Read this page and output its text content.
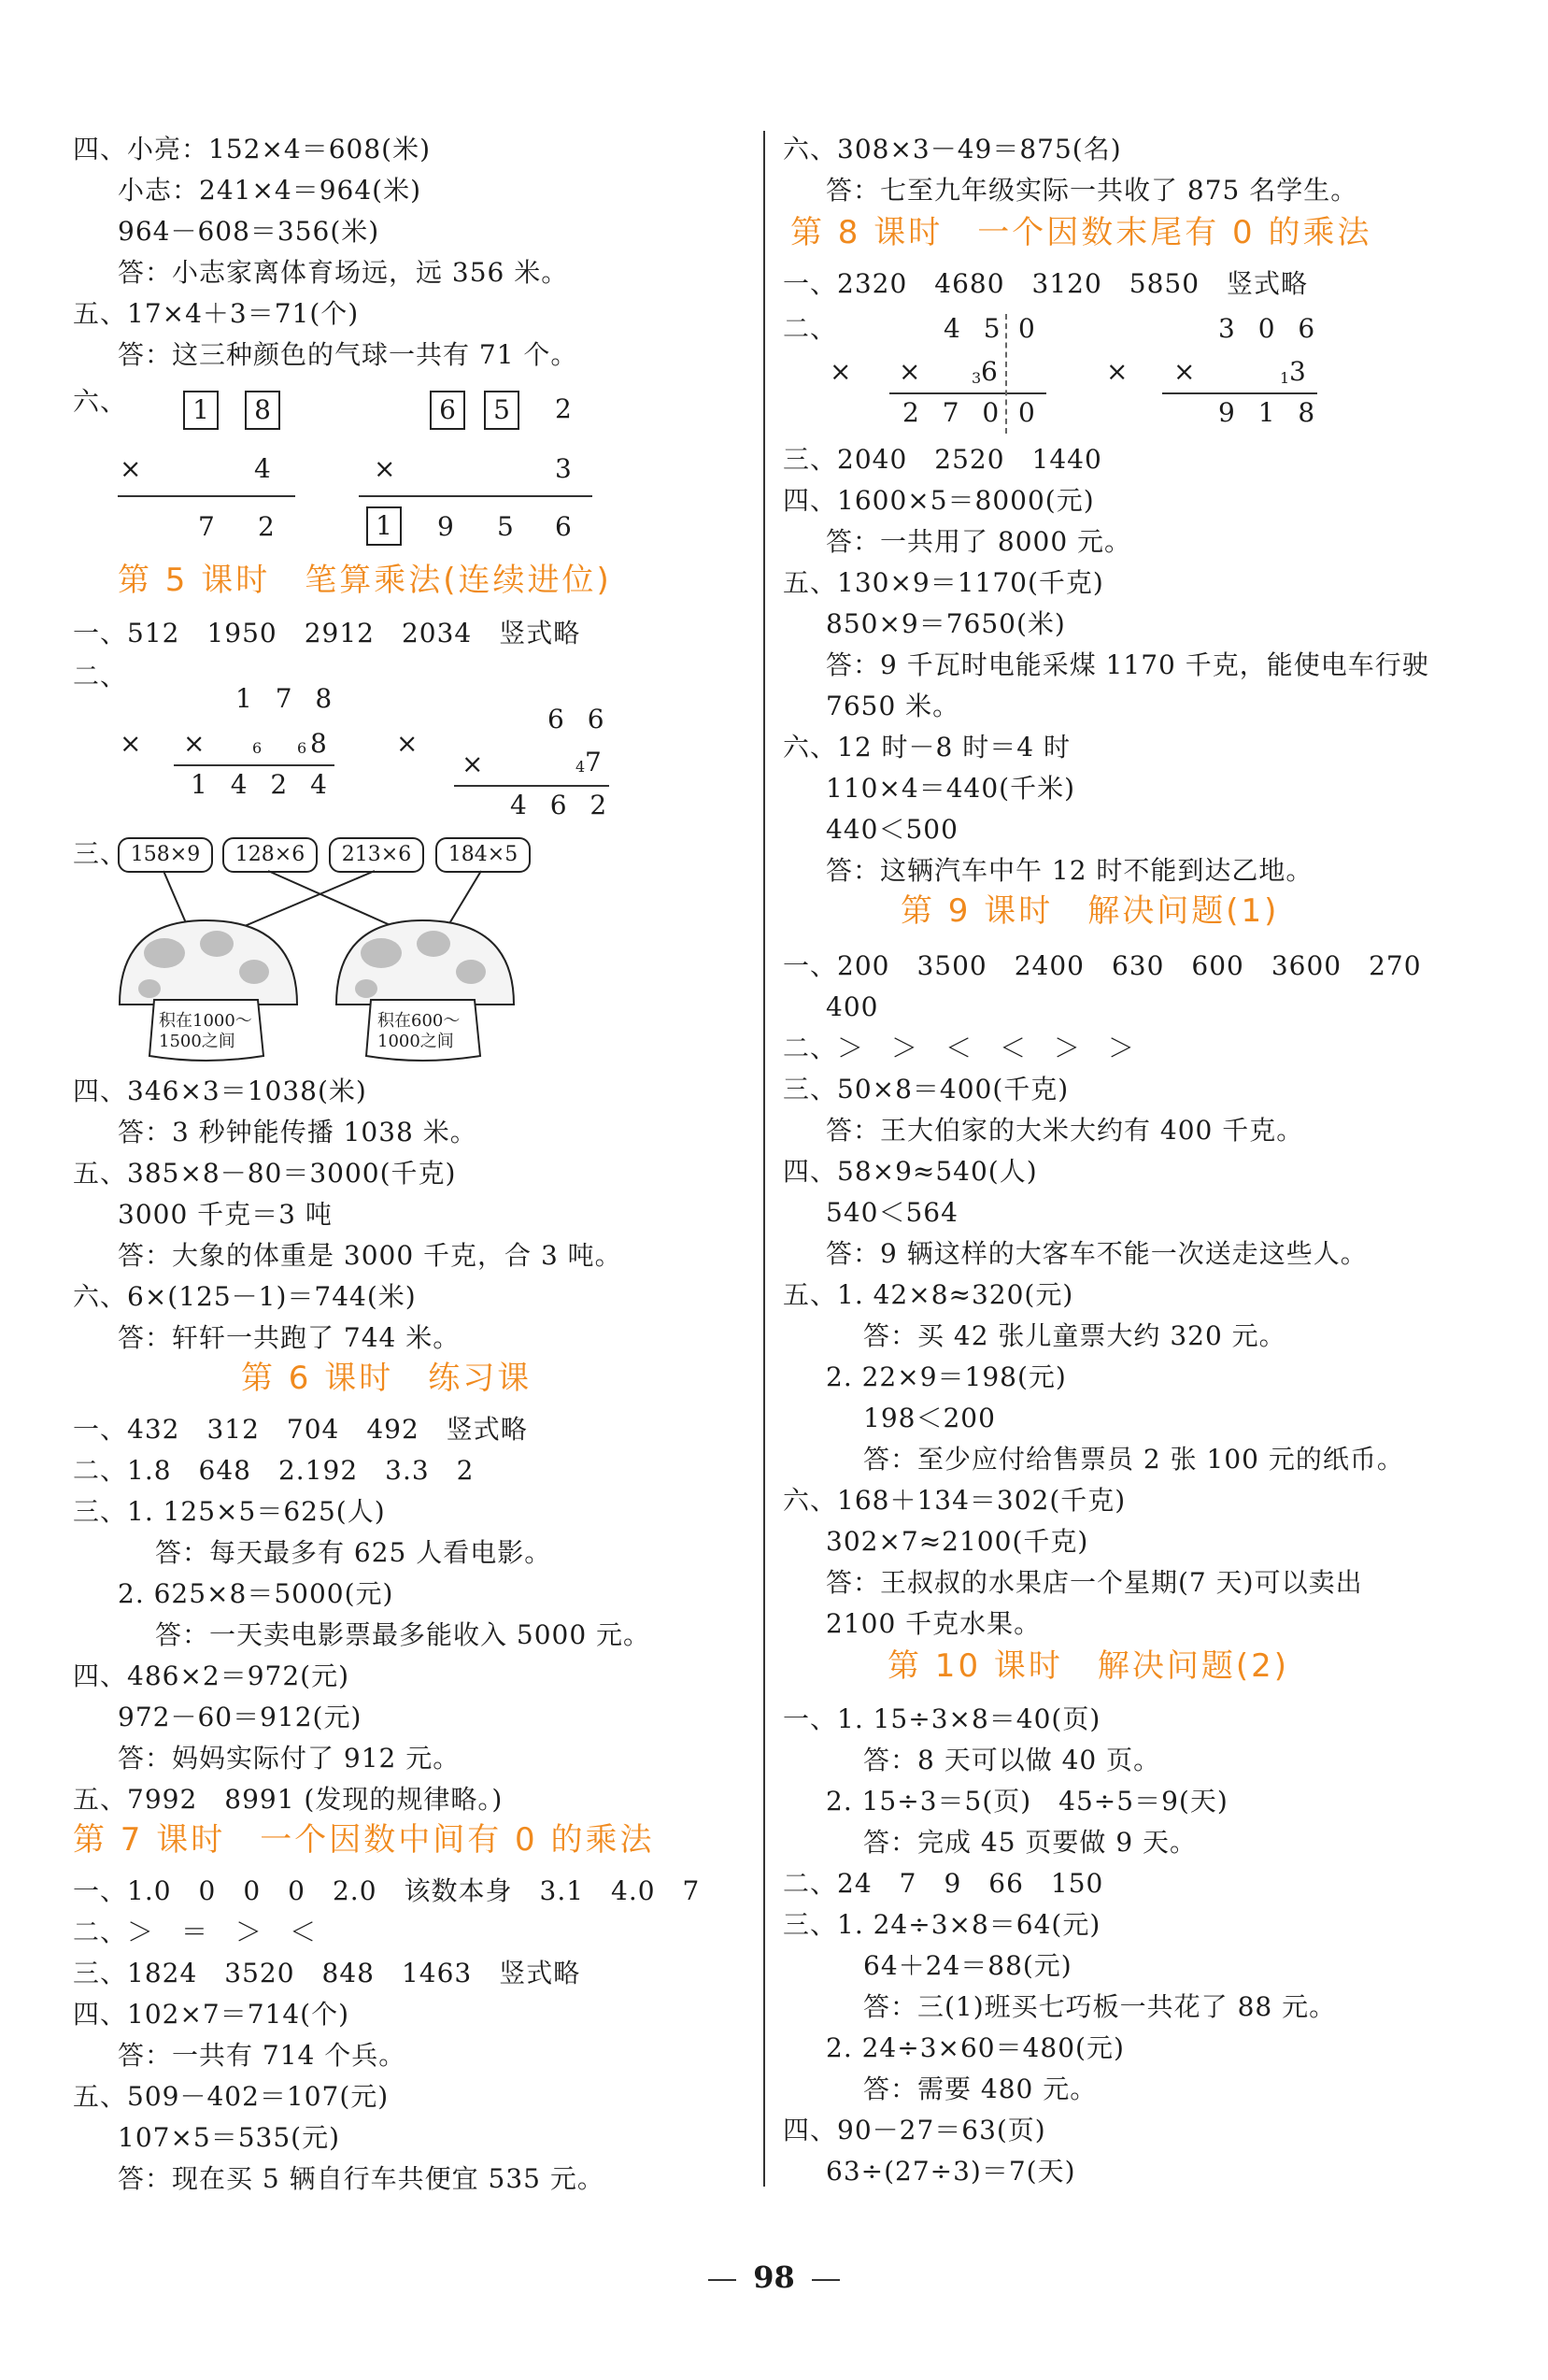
四、小亮：152×4＝608(米)
小志：241×4＝964(米)
964－608＝356(米)
答：小志家离体育场远，远 356 米。
五、17×4＋3＝71(个)
答：这三种颜色的气球一共有 71 个。
六、	1	8
×	4
7 2
6	5	2
×	3
1	9 5 6
第 5 课时　笔算乘法(连续进位)
一、512　1950　2912　2034　竖式略
二、
1 7 8
× ×	6 6 8
1 4 2 4
6 6
×
×	4 7
4 6 2
三、 158×9	128×6	213×6	184×5
积在1000～
1500之间
积在600～
1000之间
四、346×3＝1038(米)
答：3 秒钟能传播 1038 米。
五、385×8－80＝3000(千克)
3000 千克＝3 吨
答：大象的体重是 3000 千克，合 3 吨。
六、6×(125－1)＝744(米)
答：轩轩一共跑了 744 米。
第 6 课时　练习课
一、432　312　704　492　竖式略
二、1.8　648　2.192　3.3　2
三、1. 125×5＝625(人)
答：每天最多有 625 人看电影。
2. 625×8＝5000(元)
答：一天卖电影票最多能收入 5000 元。
四、486×2＝972(元)
972－60＝912(元)
答：妈妈实际付了 912 元。
五、7992　8991 (发现的规律略。)
第 7 课时　一个因数中间有 0 的乘法
一、1.0　0　0　0　2.0　该数本身　3.1　4.0　7
二、＞　＝　＞　＜
三、1824　3520　848　1463　竖式略
四、102×7＝714(个)
答：一共有 714 个兵。
五、509－402＝107(元)
107×5＝535(元)
答：现在买 5 辆自行车共便宜 535 元。
六、308×3－49＝875(名)
答：七至九年级实际一共收了 875 名学生。
第 8 课时　一个因数末尾有 0 的乘法
一、2320　4680　3120　5850　竖式略
二、	4 5 0
× ×	3 6
2 7 0 0
3 0 6
× ×	1 3
9 1 8
三、2040　2520　1440
四、1600×5＝8000(元)
答：一共用了 8000 元。
五、130×9＝1170(千克)
850×9＝7650(米)
答：9 千瓦时电能采煤 1170 千克，能使电车行驶
7650 米。
六、12 时－8 时＝4 时
110×4＝440(千米)
440＜500
答：这辆汽车中午 12 时不能到达乙地。
第 9 课时　解决问题(1)
一、200　3500　2400　630　600　3600　270
400
二、＞　＞　＜　＜　＞　＞
三、50×8＝400(千克)
答：王大伯家的大米大约有 400 千克。
四、58×9≈540(人)
540＜564
答：9 辆这样的大客车不能一次送走这些人。
五、1. 42×8≈320(元)
答：买 42 张儿童票大约 320 元。
2. 22×9＝198(元)
198＜200
答：至少应付给售票员 2 张 100 元的纸币。
六、168＋134＝302(千克)
302×7≈2100(千克)
答：王叔叔的水果店一个星期(7 天)可以卖出
2100 千克水果。
第 10 课时　解决问题(2)
一、1. 15÷3×8＝40(页)
答：8 天可以做 40 页。
2. 15÷3＝5(页)　45÷5＝9(天)
答：完成 45 页要做 9 天。
二、24　7　9　66　150
三、1. 24÷3×8＝64(元)
64＋24＝88(元)
答：三(1)班买七巧板一共花了 88 元。
2. 24÷3×60＝480(元)
答：需要 480 元。
四、90－27＝63(页)
63÷(27÷3)＝7(天)
98
